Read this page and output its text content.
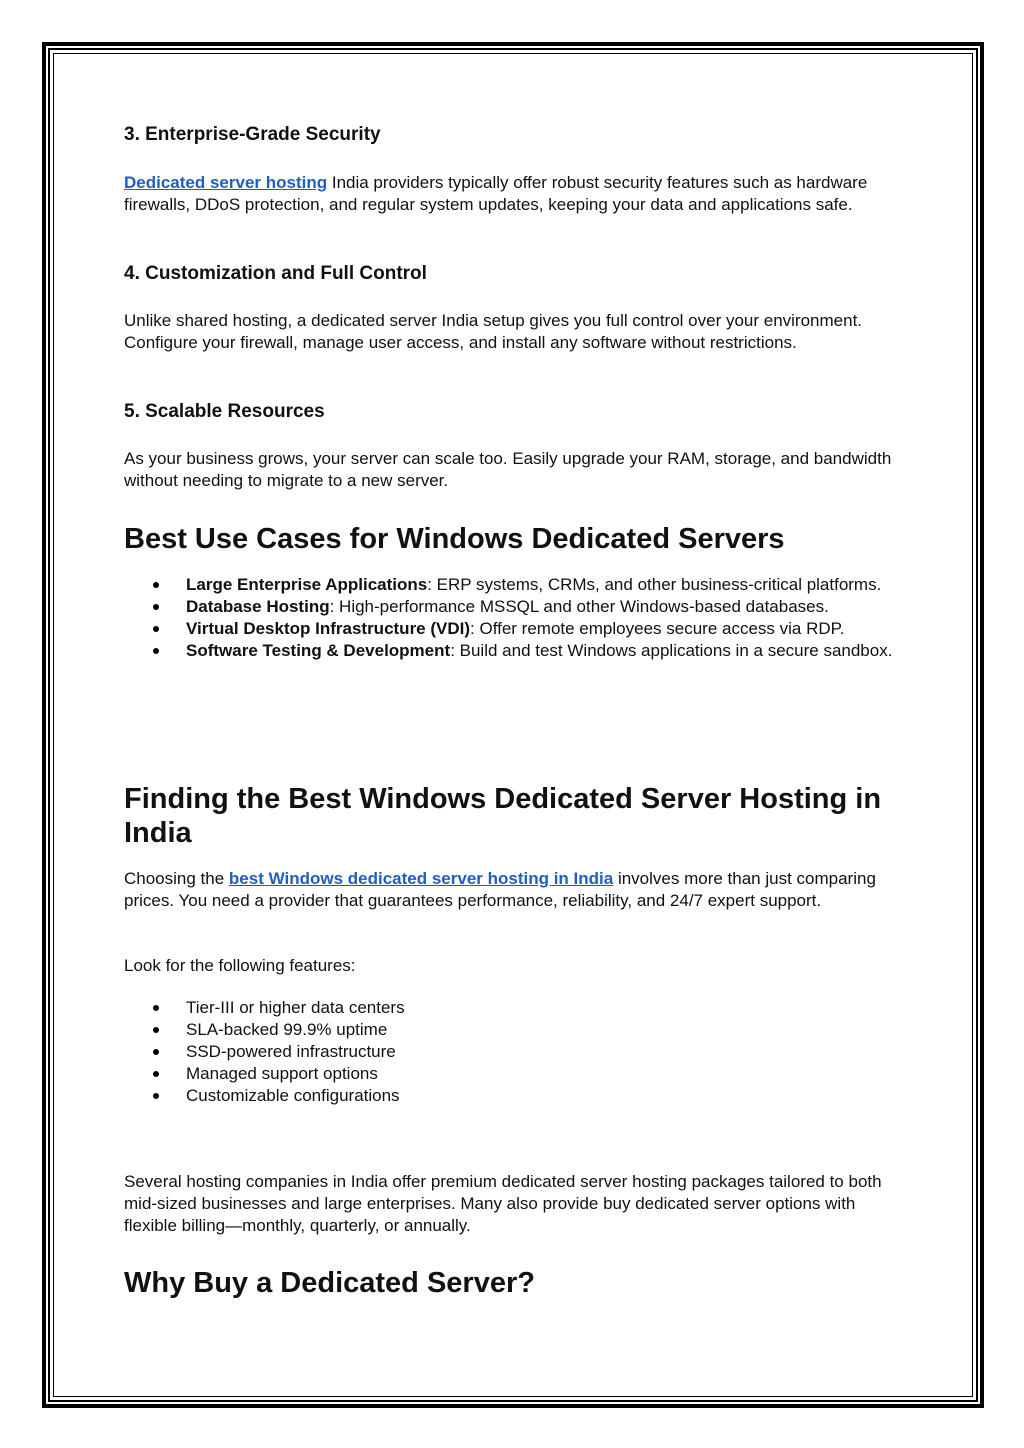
3. Enterprise-Grade Security

Dedicated server hosting India providers typically offer robust security features such as hardware firewalls, DDoS protection, and regular system updates, keeping your data and applications safe.

4. Customization and Full Control

Unlike shared hosting, a dedicated server India setup gives you full control over your environment. Configure your firewall, manage user access, and install any software without restrictions.

5. Scalable Resources

As your business grows, your server can scale too. Easily upgrade your RAM, storage, and bandwidth without needing to migrate to a new server.

Best Use Cases for Windows Dedicated Servers
Large Enterprise Applications: ERP systems, CRMs, and other business-critical platforms.
Database Hosting: High-performance MSSQL and other Windows-based databases.
Virtual Desktop Infrastructure (VDI): Offer remote employees secure access via RDP.
Software Testing & Development: Build and test Windows applications in a secure sandbox.
Finding the Best Windows Dedicated Server Hosting in India

Choosing the best Windows dedicated server hosting in India involves more than just comparing prices. You need a provider that guarantees performance, reliability, and 24/7 expert support.

Look for the following features:

Tier-III or higher data centers
SLA-backed 99.9% uptime
SSD-powered infrastructure
Managed support options
Customizable configurations

Several hosting companies in India offer premium dedicated server hosting packages tailored to both mid-sized businesses and large enterprises. Many also provide buy dedicated server options with flexible billing—monthly, quarterly, or annually.

Why Buy a Dedicated Server?
